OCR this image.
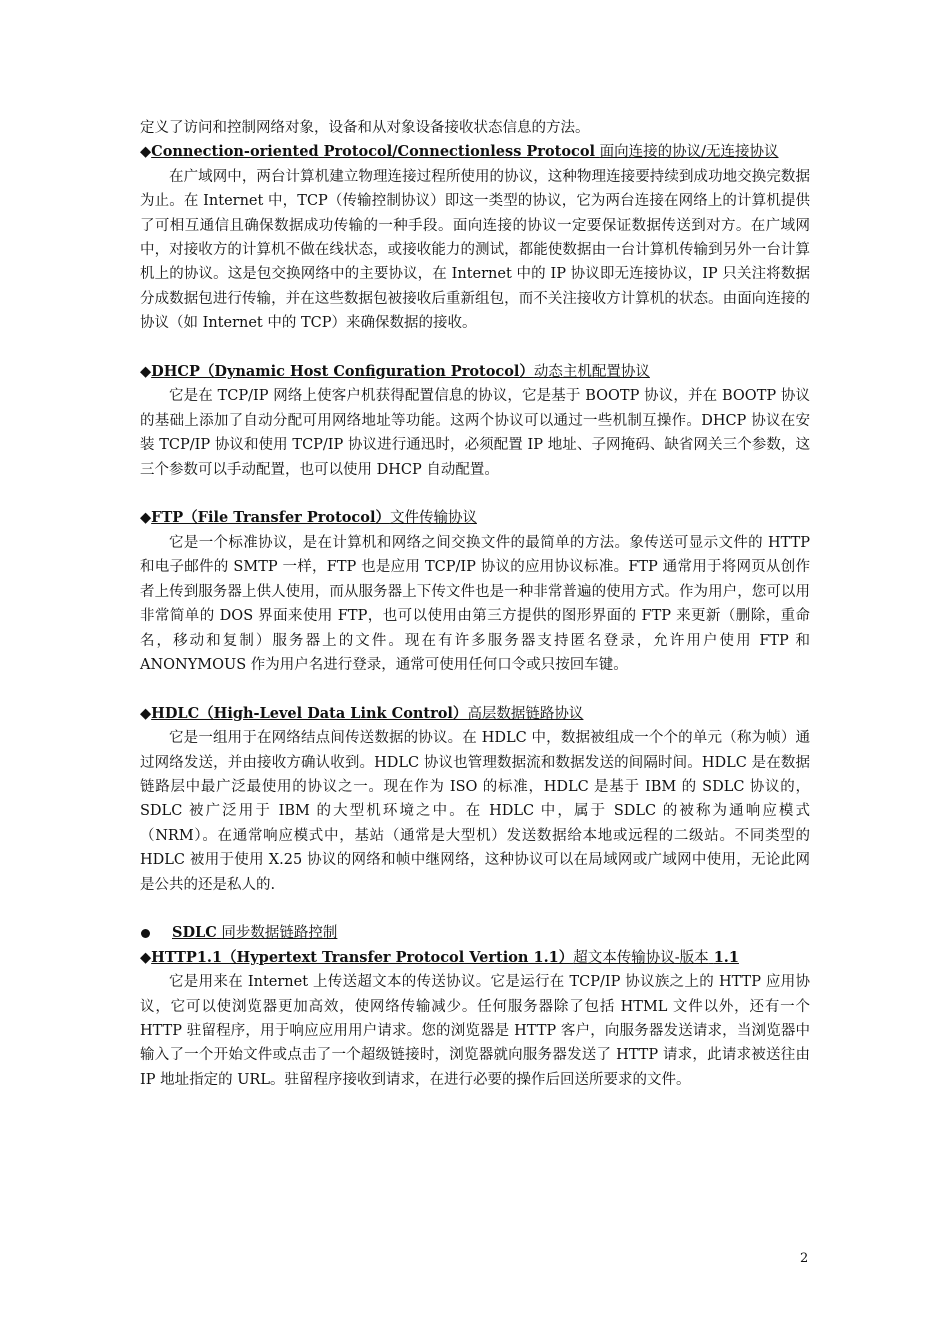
定义了访问和控制网络对象，设备和从对象设备接收状态信息的方法。

◆Connection-oriented Protocol/Connectionless Protocol 面向连接的协议/无连接协议

在广域网中，两台计算机建立物理连接过程所使用的协议，这种物理连接要持续到成功地交换完数据为止。在 Internet 中，TCP（传输控制协议）即这一类型的协议，它为两台连接在网络上的计算机提供了可相互通信且确保数据成功传输的一种手段。面向连接的协议一定要保证数据传送到对方。在广域网中，对接收方的计算机不做在线状态，或接收能力的测试，都能使数据由一台计算机传输到另外一台计算机上的协议。这是包交换网络中的主要协议，在 Internet 中的 IP 协议即无连接协议，IP 只关注将数据分成数据包进行传输，并在这些数据包被接收后重新组包，而不关注接收方计算机的状态。由面向连接的协议（如 Internet 中的 TCP）来确保数据的接收。

◆DHCP（Dynamic Host Configuration Protocol）动态主机配置协议

它是在 TCP/IP 网络上使客户机获得配置信息的协议，它是基于 BOOTP 协议，并在 BOOTP 协议的基础上添加了自动分配可用网络地址等功能。这两个协议可以通过一些机制互操作。DHCP 协议在安装 TCP/IP 协议和使用 TCP/IP 协议进行通迅时，必须配置 IP 地址、子网掩码、缺省网关三个参数，这三个参数可以手动配置，也可以使用 DHCP 自动配置。

◆FTP（File Transfer Protocol）文件传输协议

它是一个标准协议，是在计算机和网络之间交换文件的最简单的方法。象传送可显示文件的 HTTP 和电子邮件的 SMTP 一样，FTP 也是应用 TCP/IP 协议的应用协议标准。FTP 通常用于将网页从创作者上传到服务器上供人使用，而从服务器上下传文件也是一种非常普遍的使用方式。作为用户，您可以用非常简单的 DOS 界面来使用 FTP，也可以使用由第三方提供的图形界面的 FTP 来更新（删除，重命名，移动和复制）服务器上的文件。现在有许多服务器支持匿名登录，允许用户使用 FTP 和 ANONYMOUS 作为用户名进行登录，通常可使用任何口令或只按回车键。

◆HDLC（High-Level Data Link Control）高层数据链路协议

它是一组用于在网络结点间传送数据的协议。在 HDLC 中，数据被组成一个个的单元（称为帧）通过网络发送，并由接收方确认收到。HDLC 协议也管理数据流和数据发送的间隔时间。HDLC 是在数据链路层中最广泛最使用的协议之一。现在作为 ISO 的标准，HDLC 是基于 IBM 的 SDLC 协议的，SDLC 被广泛用于 IBM 的大型机环境之中。在 HDLC 中，属于 SDLC 的被称为通响应模式（NRM）。在通常响应模式中，基站（通常是大型机）发送数据给本地或远程的二级站。不同类型的 HDLC 被用于使用 X.25 协议的网络和帧中继网络，这种协议可以在局域网或广域网中使用，无论此网是公共的还是私人的.

SDLC 同步数据链路控制

◆HTTP1.1（Hypertext Transfer Protocol Vertion 1.1）超文本传输协议-版本 1.1

它是用来在 Internet 上传送超文本的传送协议。它是运行在 TCP/IP 协议族之上的 HTTP 应用协议，它可以使浏览器更加高效，使网络传输减少。任何服务器除了包括 HTML 文件以外，还有一个 HTTP 驻留程序，用于响应应用用户请求。您的浏览器是 HTTP 客户，向服务器发送请求，当浏览器中输入了一个开始文件或点击了一个超级链接时，浏览器就向服务器发送了 HTTP 请求，此请求被送往由 IP 地址指定的 URL。驻留程序接收到请求，在进行必要的操作后回送所要求的文件。

2
